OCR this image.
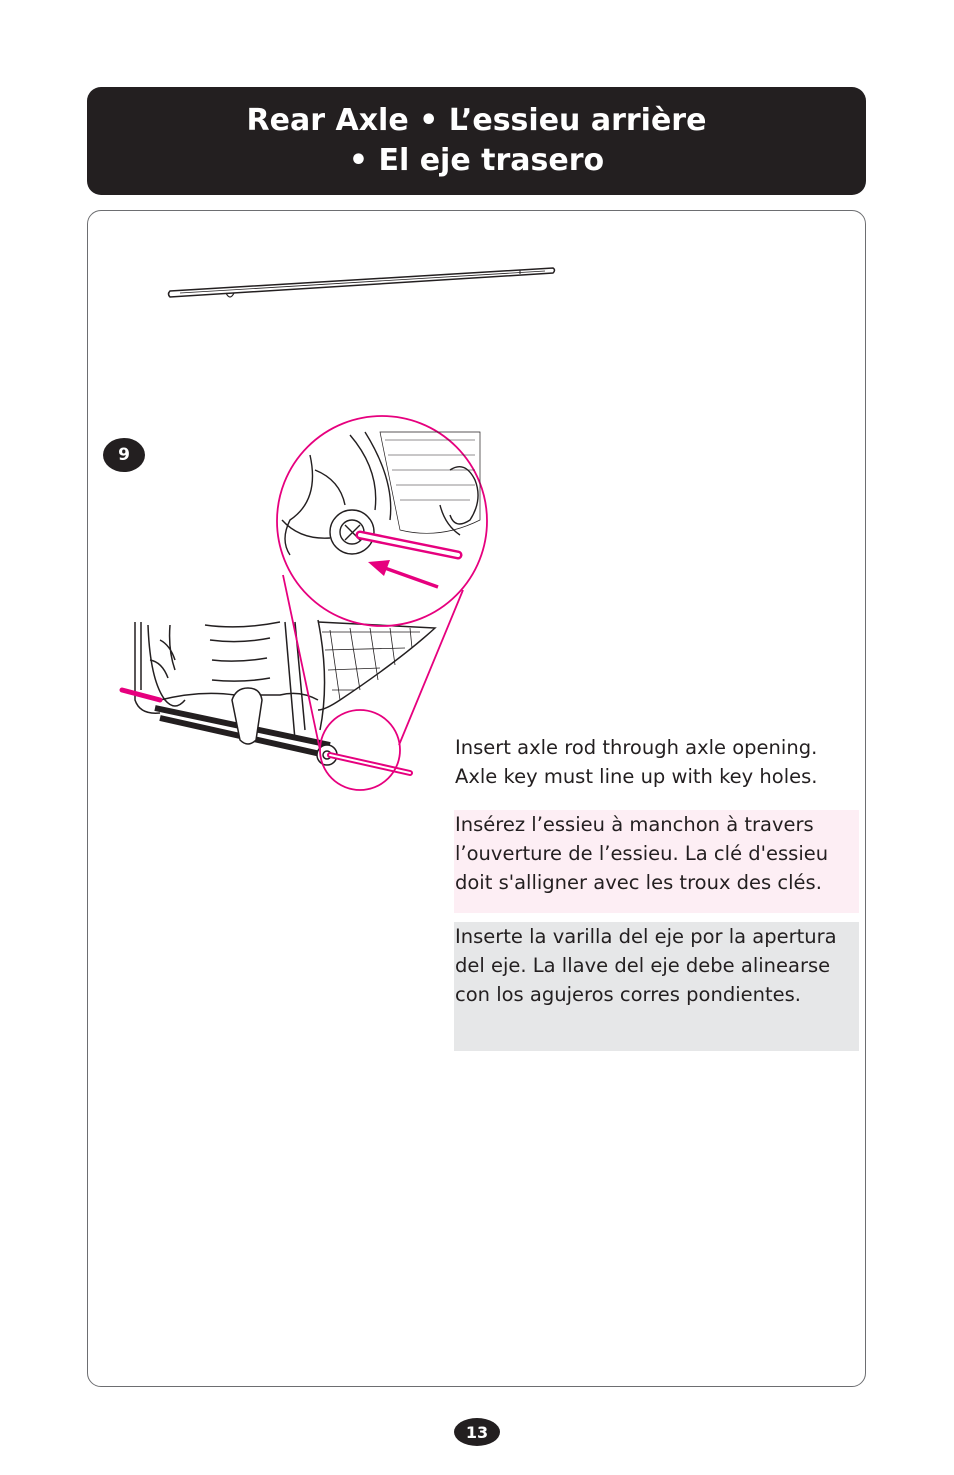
Rear Axle • L’essieu arrière
• El eje trasero
9
Insert axle rod through axle opening. Axle key must line up with key holes.
Insérez l’essieu à manchon à travers l’ouverture de l’essieu. La clé d'essieu doit s'alligner avec les troux des clés.
Inserte la varilla del eje por la apertura del eje. La llave del eje debe alinearse con los agujeros corres pondientes.
13
